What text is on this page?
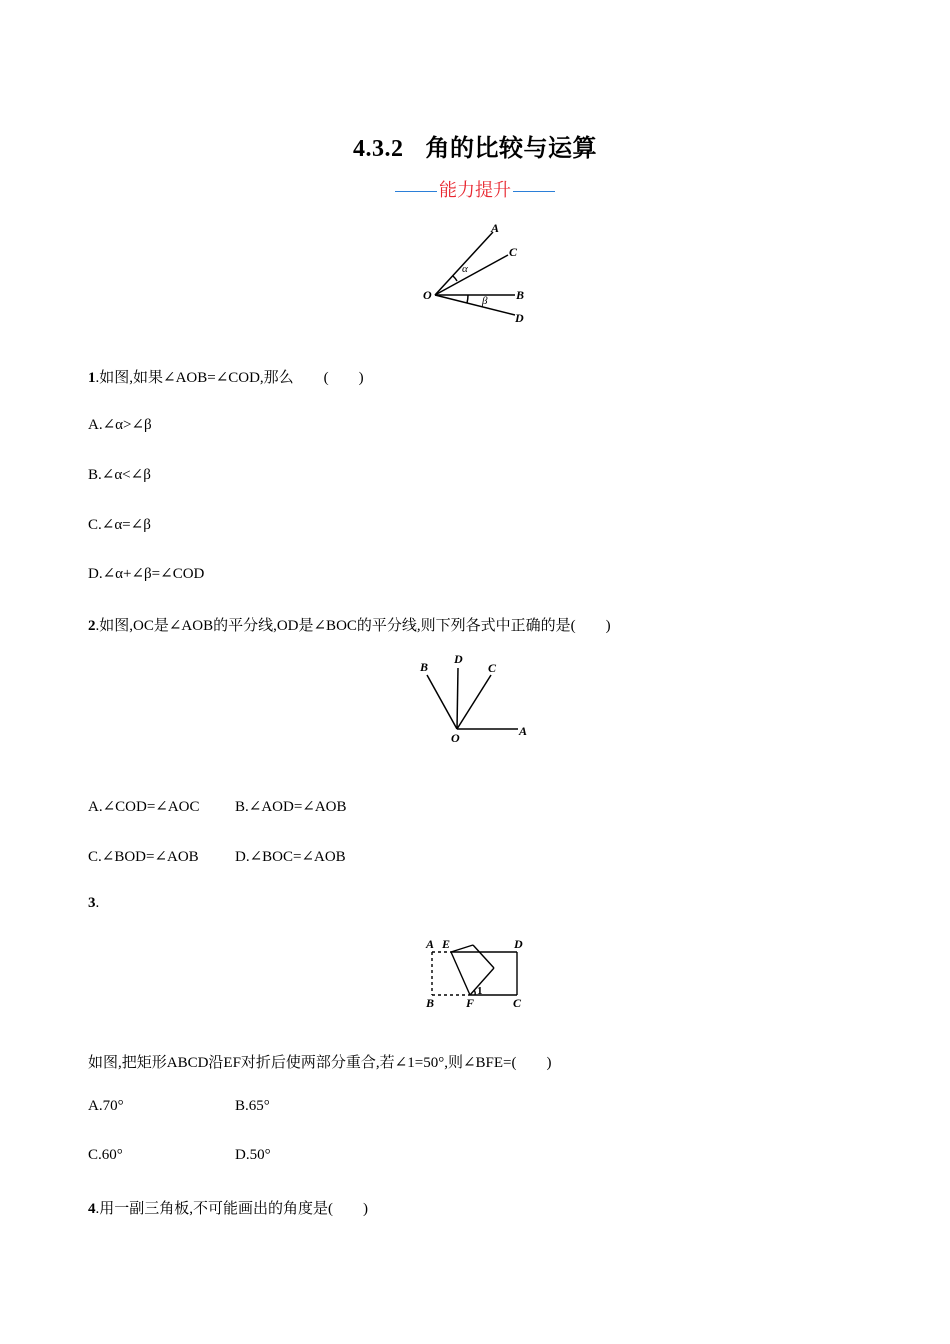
4.3.2 角的比较与运算
能力提升
A
C
O	B
D
α
β
1.如图,如果∠AOB=∠COD,那么　　(　　)
A.∠α>∠β
B.∠α<∠β
C.∠α=∠β
D.∠α+∠β=∠COD
2.如图,OC是∠AOB的平分线,OD是∠BOC的平分线,则下列各式中正确的是(　　)
B
D
C
O	A
A.∠COD=∠AOC B.∠AOD=∠AOB
C.∠BOD=∠AOB D.∠BOC=∠AOB
3.
A E	D
B	F	C
1
如图,把矩形ABCD沿EF对折后使两部分重合,若∠1=50°,则∠BFE=(　　)
A.70°	B.65°
C.60°	D.50°
4.用一副三角板,不可能画出的角度是(　　)
